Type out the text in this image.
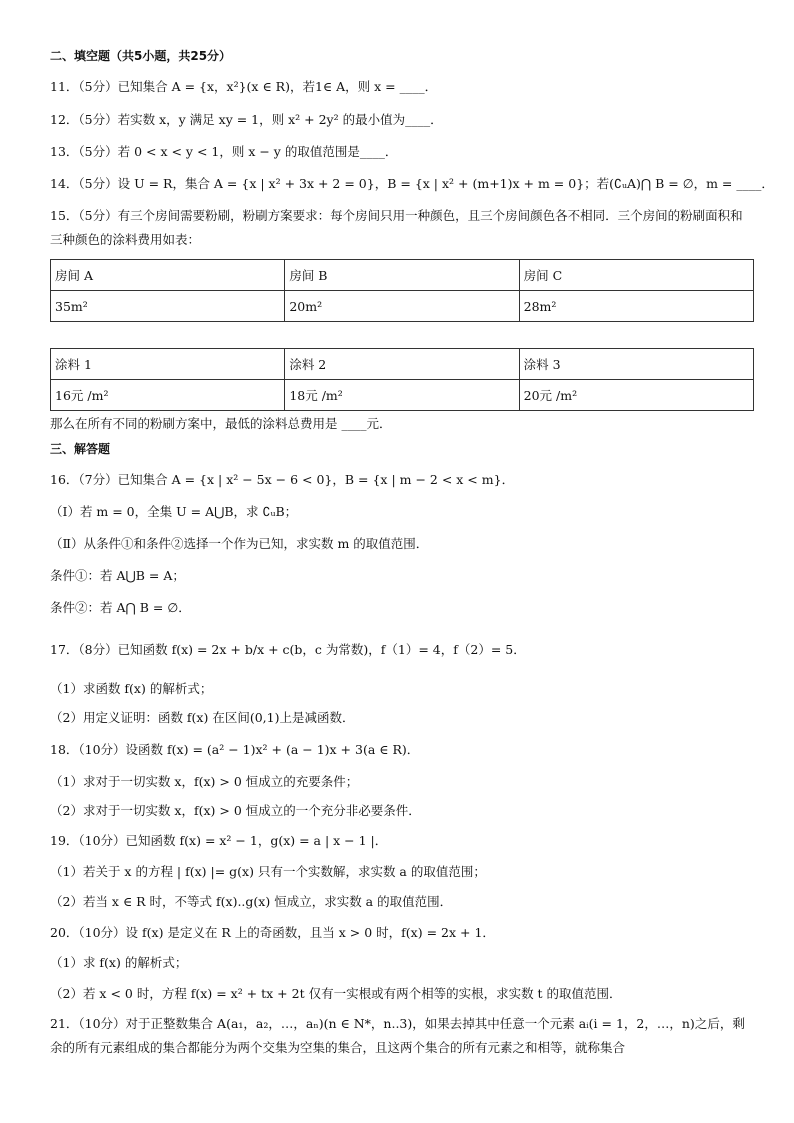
二、填空题（共5小题，共25分）
11．（5分）已知集合 A = {x，x²}(x ∈ R)，若1∈ A，则 x = ____．
12．（5分）若实数 x，y 满足 xy = 1，则 x² + 2y² 的最小值为____．
13．（5分）若 0 < x < y < 1，则 x − y 的取值范围是____．
14．（5分）设 U = R，集合 A = {x | x² + 3x + 2 = 0}，B = {x | x² + (m+1)x + m = 0}；若(∁ᵤA)⋂ B = ∅，m = ____．
15．（5分）有三个房间需要粉刷，粉刷方案要求：每个房间只用一种颜色，且三个房间颜色各不相同．三个房间的粉刷面积和三种颜色的涂料费用如表：
房间 A	房间 B	房间 C
35m²	20m²	28m²
涂料 1	涂料 2	涂料 3
16元 /m²	18元 /m²	20元 /m²
那么在所有不同的粉刷方案中，最低的涂料总费用是 ____元．
三、解答题
16．（7分）已知集合 A = {x | x² − 5x − 6 < 0}，B = {x | m − 2 < x < m}．
（Ⅰ）若 m = 0，全集 U = A⋃B，求 ∁ᵤB；
（Ⅱ）从条件①和条件②选择一个作为已知，求实数 m 的取值范围．
条件①：若 A⋃B = A；
条件②：若 A⋂ B = ∅．
17．（8分）已知函数 f(x) = 2x + b/x + c(b，c 为常数)，f（1）= 4，f（2）= 5．
（1）求函数 f(x) 的解析式；
（2）用定义证明：函数 f(x) 在区间(0,1)上是减函数．
18．（10分）设函数 f(x) = (a² − 1)x² + (a − 1)x + 3(a ∈ R)．
（1）求对于一切实数 x，f(x) > 0 恒成立的充要条件；
（2）求对于一切实数 x，f(x) > 0 恒成立的一个充分非必要条件．
19．（10分）已知函数 f(x) = x² − 1，g(x) = a | x − 1 |．
（1）若关于 x 的方程 | f(x) |= g(x) 只有一个实数解，求实数 a 的取值范围；
（2）若当 x ∈ R 时，不等式 f(x)..g(x) 恒成立，求实数 a 的取值范围．
20．（10分）设 f(x) 是定义在 R 上的奇函数，且当 x > 0 时，f(x) = 2x + 1．
（1）求 f(x) 的解析式；
（2）若 x < 0 时，方程 f(x) = x² + tx + 2t 仅有一实根或有两个相等的实根，求实数 t 的取值范围．
21．（10分）对于正整数集合 A(a₁，a₂，…，aₙ)(n ∈ N*，n..3)，如果去掉其中任意一个元素 aᵢ(i = 1，2，…，n)之后，剩余的所有元素组成的集合都能分为两个交集为空集的集合，且这两个集合的所有元素之和相等，就称集合
